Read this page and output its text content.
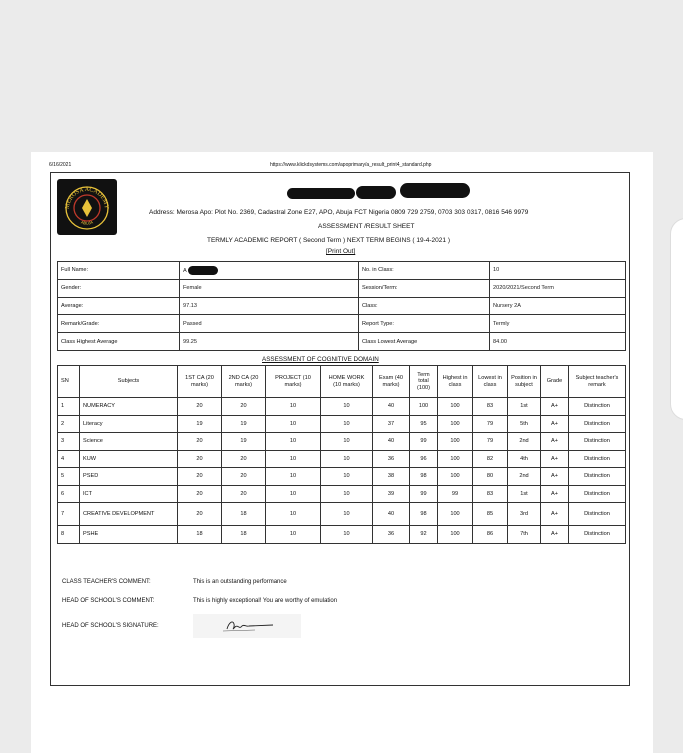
6/16/2021	https://www.klickdsystems.com/apoprimary/a_result_print4_standard.php
MEROSA ACADEMY
ABUJA
Address: Merosa Apo: Plot No. 2369, Cadastral Zone E27, APO, Abuja FCT Nigeria 0809 729 2759, 0703 303 0317, 0816 546 9979
ASSESSMENT /RESULT SHEET
TERMLY ACADEMIC REPORT ( Second Term ) NEXT TERM BEGINS ( 19-4-2021 )
[Print Out]
Full Name:	A	No. in Class:	10
Gender:	Female	Session/Term:	2020/2021/Second Term
Average:	97.13	Class:	Nursery 2A
Remark/Grade:	Passed	Report Type:	Termly
Class Highest Average	99.25	Class Lowest Average	84.00
ASSESSMENT OF COGNITIVE DOMAIN
SN	Subjects	1ST CA (20 marks)	2ND CA (20 marks)	PROJECT (10 marks)	HOME WORK (10 marks)	Exam (40 marks)	Term total (100)	Highest in class	Lowest in class	Position in subject	Grade	Subject teacher's remark
1	NUMERACY	20	20	10	10	40	100	100	83	1st	A+	Distinction
2	Literacy	19	19	10	10	37	95	100	79	5th	A+	Distinction
3	Science	20	19	10	10	40	99	100	79	2nd	A+	Distinction
4	KUW	20	20	10	10	36	96	100	82	4th	A+	Distinction
5	PSED	20	20	10	10	38	98	100	80	2nd	A+	Distinction
6	ICT	20	20	10	10	39	99	99	83	1st	A+	Distinction
7	CREATIVE DEVELOPMENT	20	18	10	10	40	98	100	85	3rd	A+	Distinction
8	PSHE	18	18	10	10	36	92	100	86	7th	A+	Distinction
CLASS TEACHER'S COMMENT:	This is an outstanding performance
HEAD OF SCHOOL'S COMMENT:	This is highly exceptional! You are worthy of emulation
HEAD OF SCHOOL'S SIGNATURE:
